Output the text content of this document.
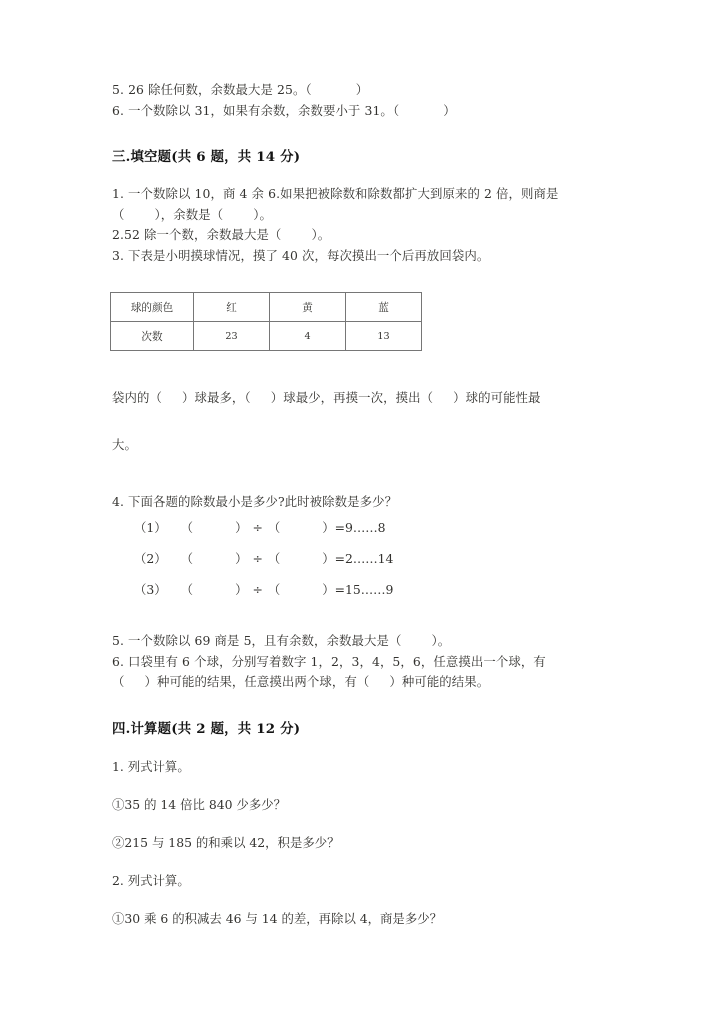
5. 26 除任何数，余数最大是 25。（	）
6. 一个数除以 31，如果有余数，余数要小于 31。（	）
三.填空题(共 6 题，共 14 分)
1. 一个数除以 10，商 4 余 6.如果把被除数和除数都扩大到原来的 2 倍，则商是
（ ），余数是（ ）。
2.52 除一个数，余数最大是（ ）。
3. 下表是小明摸球情况，摸了 40 次，每次摸出一个后再放回袋内。
球的颜色	红	黄	蓝
次数	23	4	13
袋内的（ ）球最多，（ ）球最少，再摸一次，摸出（ ）球的可能性最
大。
4. 下面各题的除数最小是多少?此时被除数是多少？
（1） （	） ÷ （	）=9……8
（2） （	） ÷ （	）=2……14
（3） （	） ÷ （	）=15……9
5. 一个数除以 69 商是 5，且有余数，余数最大是（ ）。
6. 口袋里有 6 个球，分别写着数字 1，2，3，4，5，6，任意摸出一个球，有
（ ）种可能的结果，任意摸出两个球，有（ ）种可能的结果。
四.计算题(共 2 题，共 12 分)
1. 列式计算。
①35 的 14 倍比 840 少多少？
②215 与 185 的和乘以 42，积是多少？
2. 列式计算。
①30 乘 6 的积减去 46 与 14 的差，再除以 4，商是多少？
